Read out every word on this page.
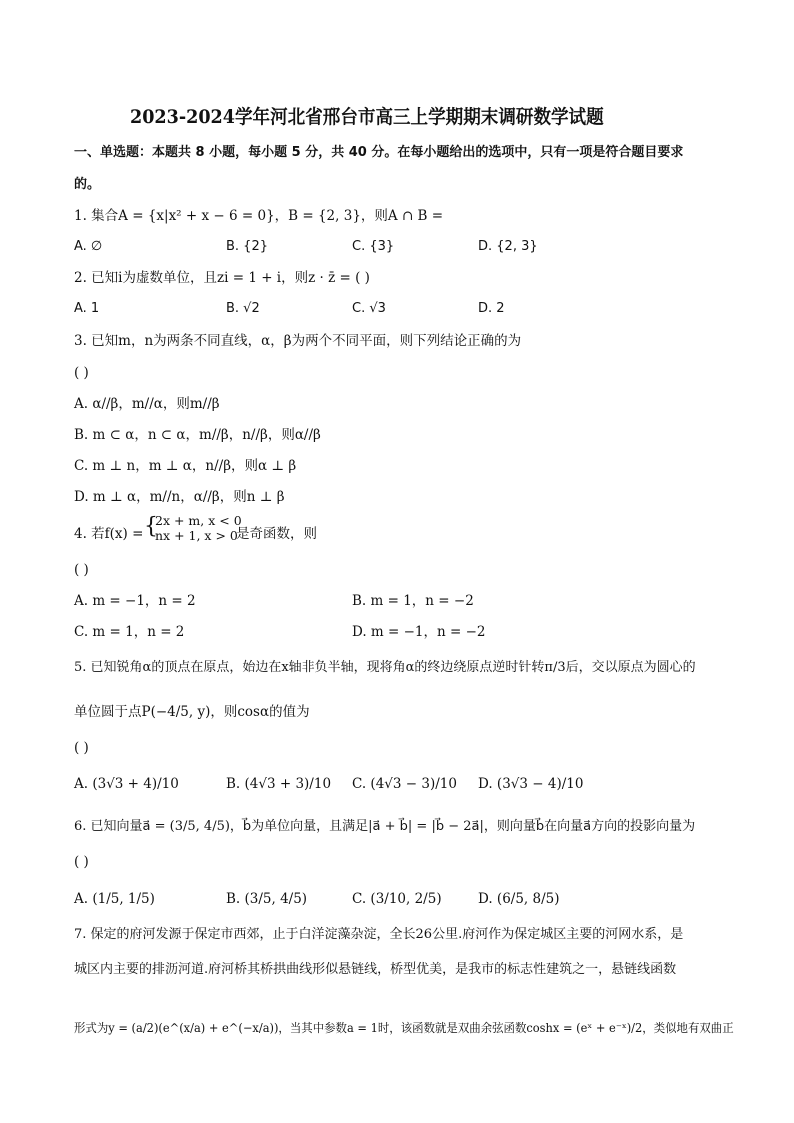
2023-2024学年河北省邢台市高三上学期期末调研数学试题
一、单选题：本题共 8 小题，每小题 5 分，共 40 分。在每小题给出的选项中，只有一项是符合题目要求
的。
1. 集合A = {x|x² + x − 6 = 0}，B = {2, 3}，则A ∩ B =
A. ∅	B. {2}	C. {3}	D. {2, 3}
2. 已知i为虚数单位，且zi = 1 + i，则z · z̄ = ( )
A. 1	B. √2	C. √3	D. 2
3. 已知m，n为两条不同直线，α，β为两个不同平面，则下列结论正确的为
( )
A. α//β，m//α，则m//β
B. m ⊂ α，n ⊂ α，m//β，n//β，则α//β
C. m ⊥ n，m ⊥ α，n//β，则α ⊥ β
D. m ⊥ α，m//n，α//β，则n ⊥ β
4. 若f(x) = {
2x + m, x < 0
nx + 1, x > 0
是奇函数，则
( )
A. m = −1，n = 2	B. m = 1，n = −2
C. m = 1，n = 2	D. m = −1，n = −2
5. 已知锐角α的顶点在原点，始边在x轴非负半轴，现将角α的终边绕原点逆时针转π/3后，交以原点为圆心的
单位圆于点P(−4/5, y)，则cosα的值为
( )
A. (3√3 + 4)/10	B. (4√3 + 3)/10 C. (4√3 − 3)/10 D. (3√3 − 4)/10
6. 已知向量a⃗ = (3/5, 4/5)，b⃗为单位向量，且满足|a⃗ + b⃗| = |b⃗ − 2a⃗|，则向量b⃗在向量a⃗方向的投影向量为
( )
A. (1/5, 1/5)	B. (3/5, 4/5)	C. (3/10, 2/5)	D. (6/5, 8/5)
7. 保定的府河发源于保定市西郊，止于白洋淀藻杂淀，全长26公里.府河作为保定城区主要的河网水系，是
城区内主要的排沥河道.府河桥其桥拱曲线形似悬链线，桥型优美，是我市的标志性建筑之一，悬链线函数
形式为y = (a/2)(e^(x/a) + e^(−x/a))，当其中参数a = 1时，该函数就是双曲余弦函数coshx = (eˣ + e⁻ˣ)/2，类似地有双曲正
